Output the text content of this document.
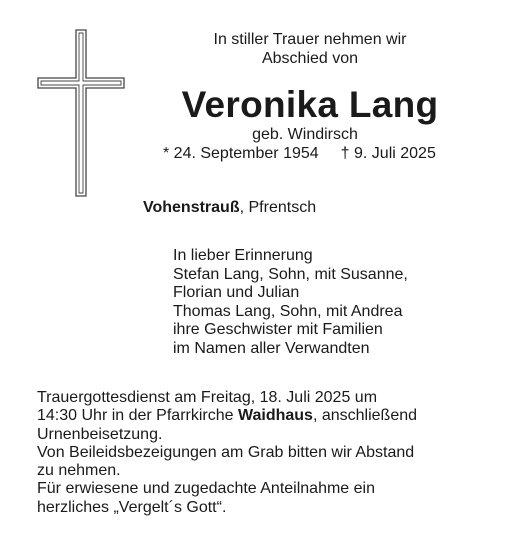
In stiller Trauer nehmen wir
Abschied von
Veronika Lang
geb. Windirsch
* 24. September 1954 † 9. Juli 2025
Vohenstrauß, Pfrentsch
In lieber Erinnerung
Stefan Lang, Sohn, mit Susanne,
Florian und Julian
Thomas Lang, Sohn, mit Andrea
ihre Geschwister mit Familien
im Namen aller Verwandten
Trauergottesdienst am Freitag, 18. Juli 2025 um
14:30 Uhr in der Pfarrkirche Waidhaus, anschließend
Urnenbeisetzung.
Von Beileidsbezeigungen am Grab bitten wir Abstand
zu nehmen.
Für erwiesene und zugedachte Anteilnahme ein
herzliches „Vergelt´s Gott“.
